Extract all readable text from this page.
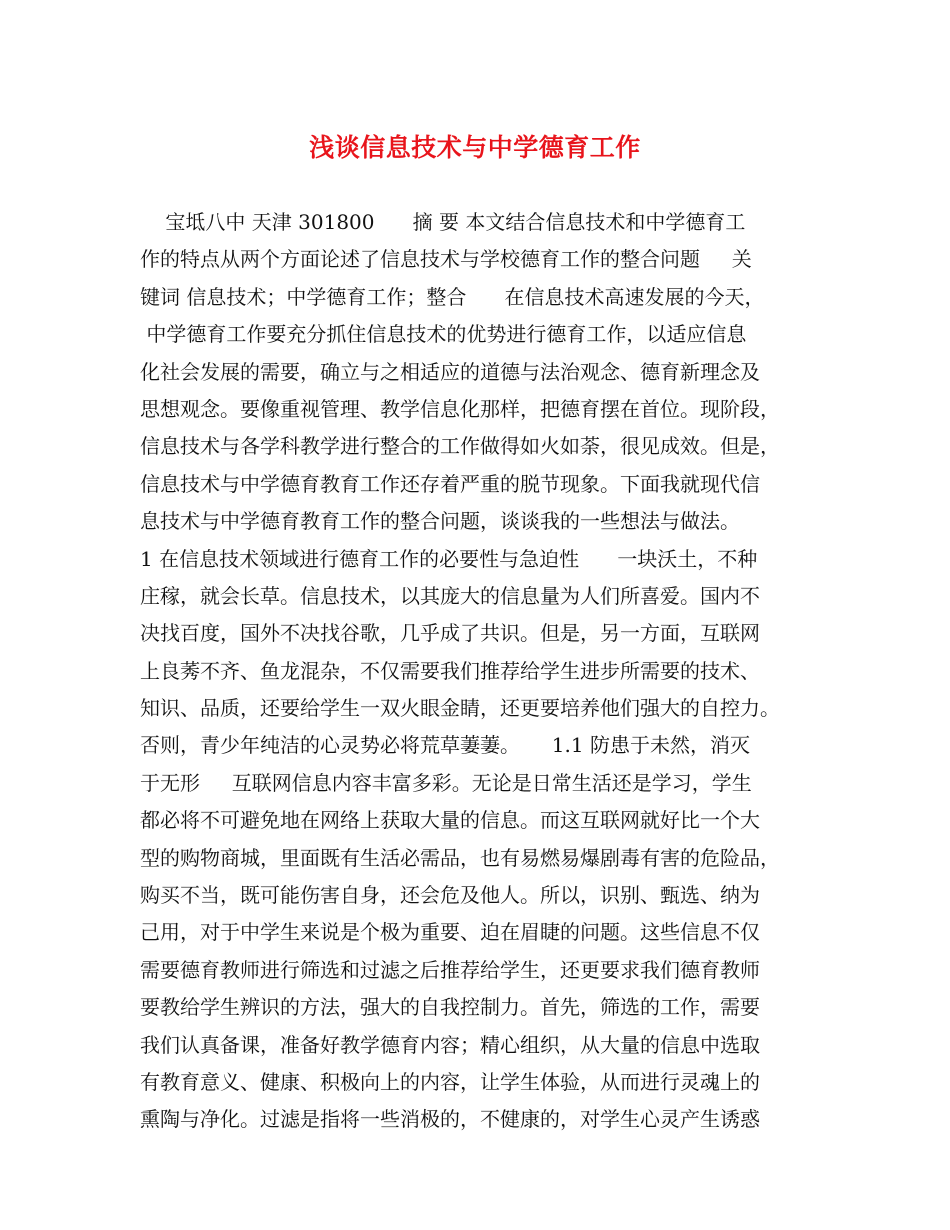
浅谈信息技术与中学德育工作
宝坻八中 天津 301800      摘 要 本文结合信息技术和中学德育工
作的特点从两个方面论述了信息技术与学校德育工作的整合问题     关
键词 信息技术；中学德育工作；整合      在信息技术高速发展的今天，
中学德育工作要充分抓住信息技术的优势进行德育工作，以适应信息
化社会发展的需要，确立与之相适应的道德与法治观念、德育新理念及
思想观念。要像重视管理、教学信息化那样，把德育摆在首位。现阶段，
信息技术与各学科教学进行整合的工作做得如火如荼，很见成效。但是，
信息技术与中学德育教育工作还存着严重的脱节现象。下面我就现代信
息技术与中学德育教育工作的整合问题，谈谈我的一些想法与做法。
1 在信息技术领域进行德育工作的必要性与急迫性      一块沃土，不种
庄稼，就会长草。信息技术，以其庞大的信息量为人们所喜爱。国内不
决找百度，国外不决找谷歌，几乎成了共识。但是，另一方面，互联网
上良莠不齐、鱼龙混杂，不仅需要我们推荐给学生进步所需要的技术、
知识、品质，还要给学生一双火眼金睛，还更要培养他们强大的自控力。
否则，青少年纯洁的心灵势必将荒草萋萋。     1.1 防患于未然，消灭
于无形     互联网信息内容丰富多彩。无论是日常生活还是学习，学生
都必将不可避免地在网络上获取大量的信息。而这互联网就好比一个大
型的购物商城，里面既有生活必需品，也有易燃易爆剧毒有害的危险品，
购买不当，既可能伤害自身，还会危及他人。所以，识别、甄选、纳为
己用，对于中学生来说是个极为重要、迫在眉睫的问题。这些信息不仅
需要德育教师进行筛选和过滤之后推荐给学生，还更要求我们德育教师
要教给学生辨识的方法，强大的自我控制力。首先，筛选的工作，需要
我们认真备课，准备好教学德育内容；精心组织，从大量的信息中选取
有教育意义、健康、积极向上的内容，让学生体验，从而进行灵魂上的
熏陶与净化。过滤是指将一些消极的，不健康的，对学生心灵产生诱惑
